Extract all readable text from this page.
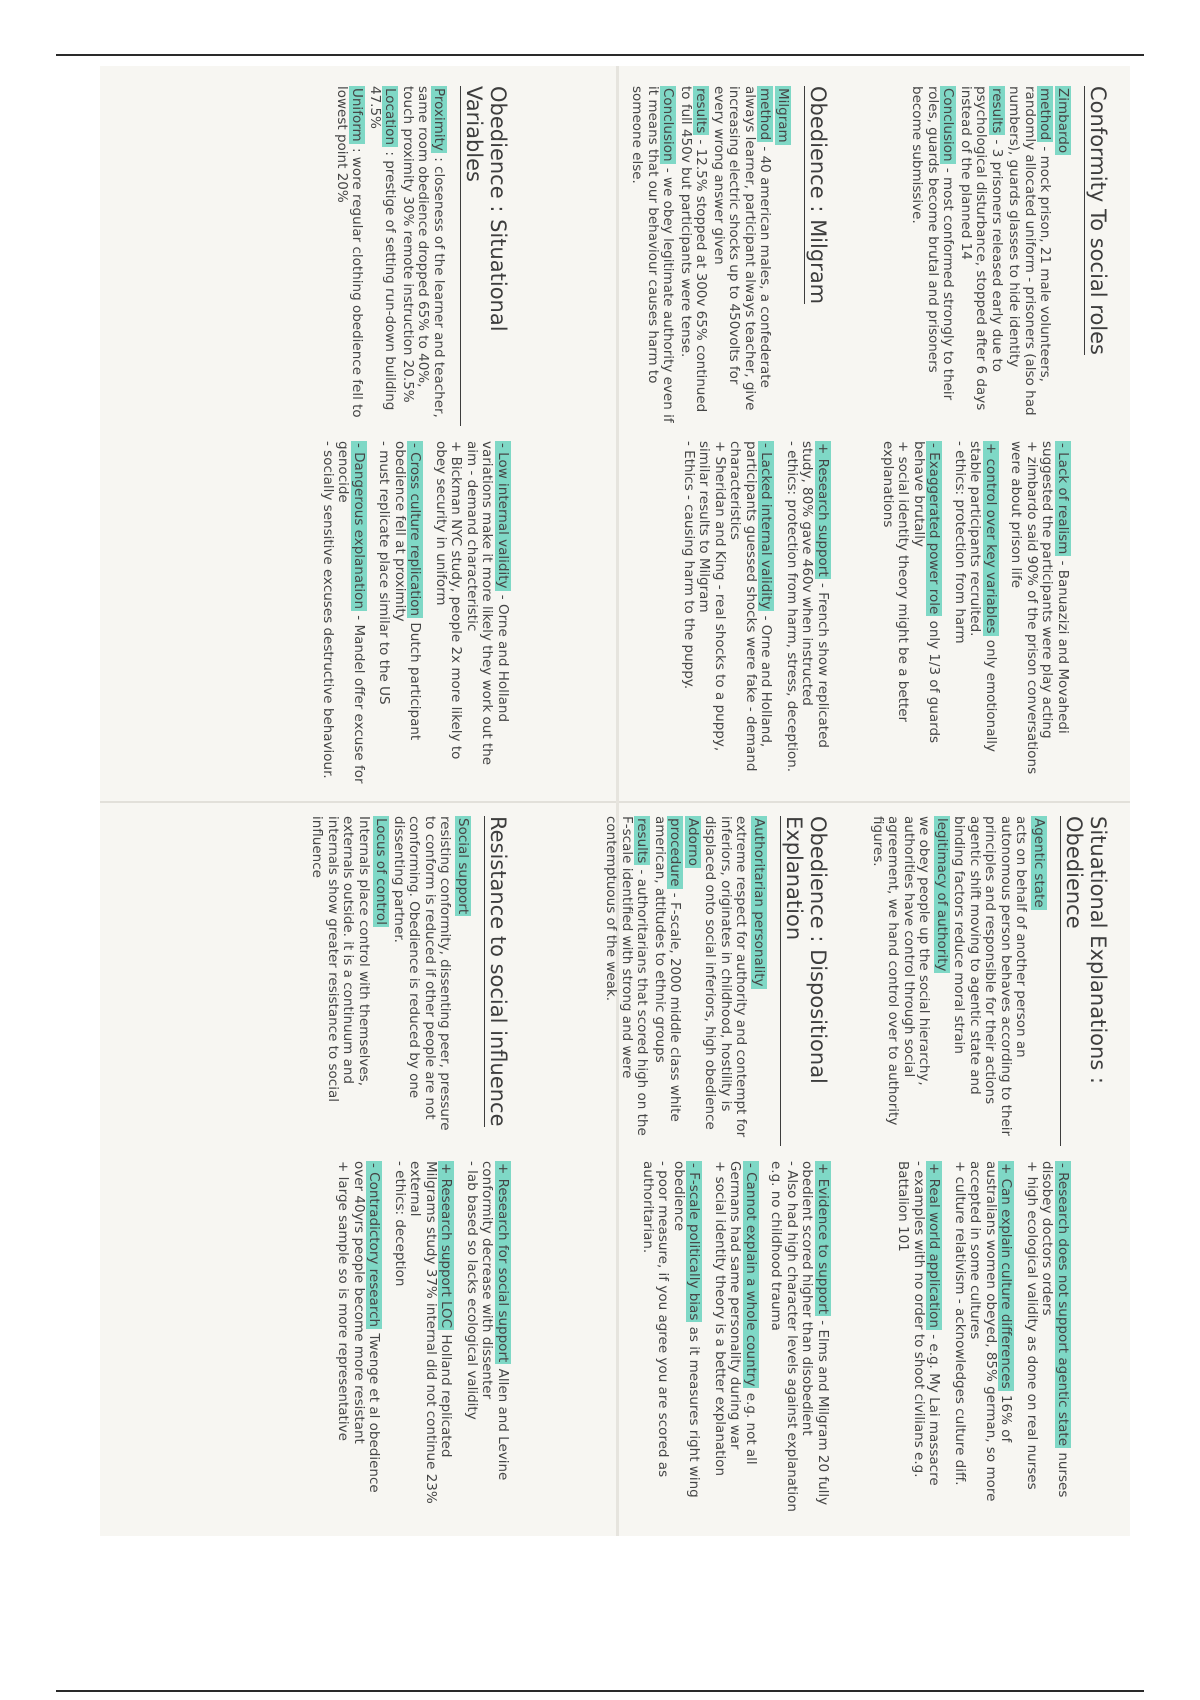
Conformity To social roles

Zimbardo

method - mock prison, 21 male volunteers, randomly allocated uniform - prisoners (also had numbers), guards glasses to hide identity

results - 3 prisoners released early due to psychological disturbance, stopped after 6 days instead of the planned 14

Conclusion - most conformed strongly to their roles, guards become brutal and prisoners become submissive.

- Lack of realism - Banuazizi and Movahedi suggested the participants were play acting
+ zimbardo said 90% of the prison conversations were about prison life
+ control over key variables only emotionally stable participants recruited.
- ethics: protection from harm
- Exaggerated power role only 1/3 of guards behave brutally
+ social identity theory might be a better explanations
Situational Explanations : Obedience

Agentic state

acts on behalf of another person an autonomous person behaves according to their principles and responsible for their actions agentic shift moving to agentic state and binding factors reduce moral strain

legitimacy of authority

we obey people up the social hierarchy, authorities have control through social agreement, we hand control over to authority figures.

- Research does not support agentic state nurses disobey doctors orders
+ high ecological validity as done on real nurses
+ Can explain culture differences 16% of australians women obeyed, 85% german, so more accepted in some cultures
+ culture relativism - acknowledges culture diff.
+ Real world application - e.g. My Lai massacre
- examples with no order to shoot civilians e.g. Battalion 101
Obedience : Milgram

Milgram

method - 40 american males, a confederate always learner, participant always teacher, give increasing electric shocks up to 450volts for every wrong answer given

results - 12.5% stopped at 300v 65% continued to full 450v but participants were tense.

Conclusion - we obey legitimate authority even if it means that our behaviour causes harm to someone else.

+ Research support - French show replicated study, 80% gave 460v when instructed
- ethics: protection from harm, stress, deception.
- Lacked internal validity - Orne and Holland, participants guessed shocks were fake - demand characteristics
+ Sheridan and King - real shocks to a puppy, similar results to Milgram
- Ethics - causing harm to the puppy.
Obedience : Dispositional Explanation

Authoritarian personality

extreme respect for authority and contempt for inferiors, originates in childhood, hostility is displaced onto social inferiors, high obedience

Adorno

procedure - F-scale, 2000 middle class white american, attitudes to ethnic groups

results - authoritarians that scored high on the F-scale identified with strong and were contemptuous of the weak.

+ Evidence to support - Elms and Milgram 20 fully obedient scored higher than disobedient
- Also had high character levels against explanation e.g. no childhood trauma
- Cannot explain a whole country e.g. not all Germans had same personality during war
+ social identity theory is a better explanation
- F-scale politically bias as it measures right wing obedience
- poor measure, if you agree you are scored as authoritarian.
Obedience : Situational Variables

Proximity : closeness of the learner and teacher, same room obedience dropped 65% to 40%, touch proximity 30% remote instruction 20.5%

Location : prestige of setting run-down building 47.5%

Uniform : wore regular clothing obedience fell to lowest point 20%

- Low internal validity - Orne and Holland variations make it more likely they work out the aim - demand characteristic
+ Bickman NYC study, people 2x more likely to obey security in uniform
- Cross culture replication Dutch participant obedience fell at proximity
- must replicate place similar to the US
- Dangerous explanation - Mandel offer excuse for genocide
- socially sensitive excuses destructive behaviour.
Resistance to social influence

Social support

resisting conformity, dissenting peer, pressure to conform is reduced if other people are not conforming. Obedience is reduced by one dissenting partner.

Locus of control

Internals place control with themselves, externals outside. it is a continuum and internals show greater resistance to social influence

+ Research for social support Allen and Levine conformity decrease with dissenter
- lab based so lacks ecological validity
+ Research support LOC Holland replicated Milgrams study 37% internal did not continue 23% external
- ethics: deception
- Contradictory research Twenge et al obedience over 40yrs people become more resistant
+ large sample so is more representative
